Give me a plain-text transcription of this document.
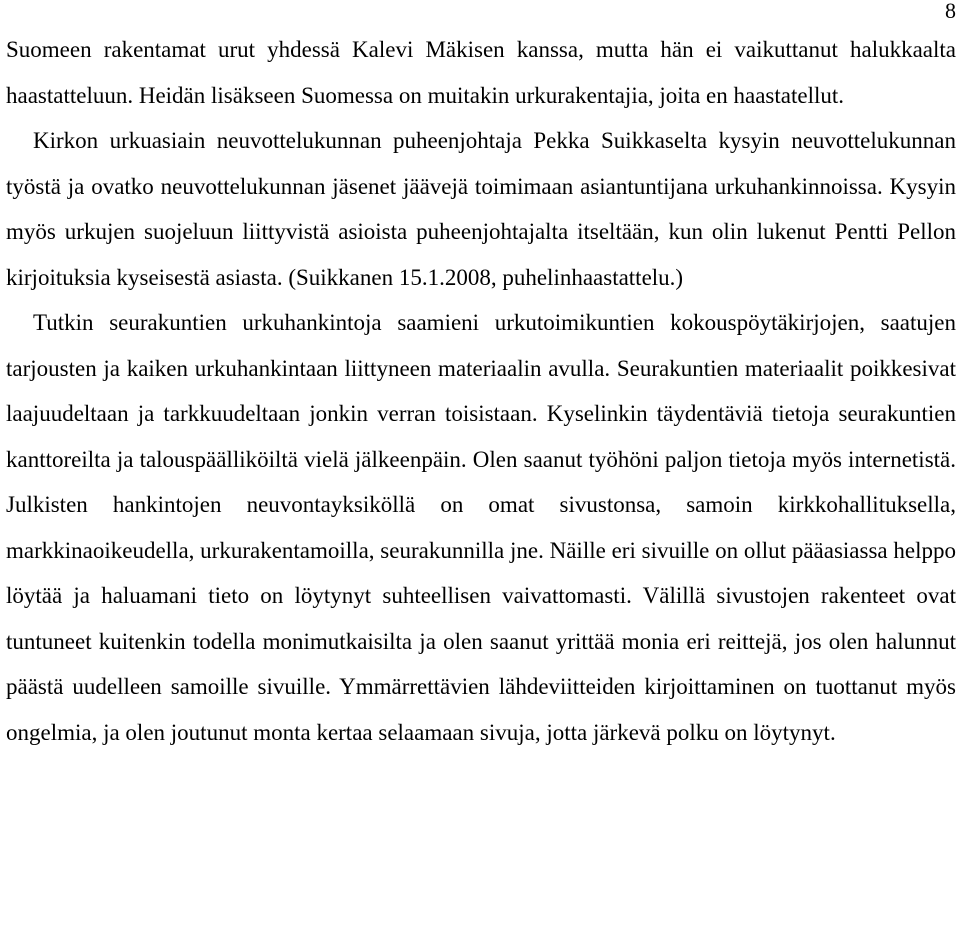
8

Suomeen rakentamat urut yhdessä Kalevi Mäkisen kanssa, mutta hän ei vaikuttanut halukkaalta haastatteluun. Heidän lisäkseen Suomessa on muitakin urkurakentajia, joita en haastatellut.

Kirkon urkuasiain neuvottelukunnan puheenjohtaja Pekka Suikkaselta kysyin neuvottelukunnan työstä ja ovatko neuvottelukunnan jäsenet jäävejä toimimaan asiantuntijana urkuhankinnoissa. Kysyin myös urkujen suojeluun liittyvistä asioista puheenjohtajalta itseltään, kun olin lukenut Pentti Pellon kirjoituksia kyseisestä asiasta. (Suikkanen 15.1.2008, puhelinhaastattelu.)

Tutkin seurakuntien urkuhankintoja saamieni urkutoimikuntien kokouspöytäkirjojen, saatujen tarjousten ja kaiken urkuhankintaan liittyneen materiaalin avulla. Seurakuntien materiaalit poikkesivat laajuudeltaan ja tarkkuudeltaan jonkin verran toisistaan. Kyselinkin täydentäviä tietoja seurakuntien kanttoreilta ja talouspäälliköiltä vielä jälkeenpäin. Olen saanut työhöni paljon tietoja myös internetistä. Julkisten hankintojen neuvontayksiköllä on omat sivustonsa, samoin kirkkohallituksella, markkinaoikeudella, urkurakentamoilla, seurakunnilla jne. Näille eri sivuille on ollut pääasiassa helppo löytää ja haluamani tieto on löytynyt suhteellisen vaivattomasti. Välillä sivustojen rakenteet ovat tuntuneet kuitenkin todella monimutkaisilta ja olen saanut yrittää monia eri reittejä, jos olen halunnut päästä uudelleen samoille sivuille. Ymmärrettävien lähdeviitteiden kirjoittaminen on tuottanut myös ongelmia, ja olen joutunut monta kertaa selaamaan sivuja, jotta järkevä polku on löytynyt.
